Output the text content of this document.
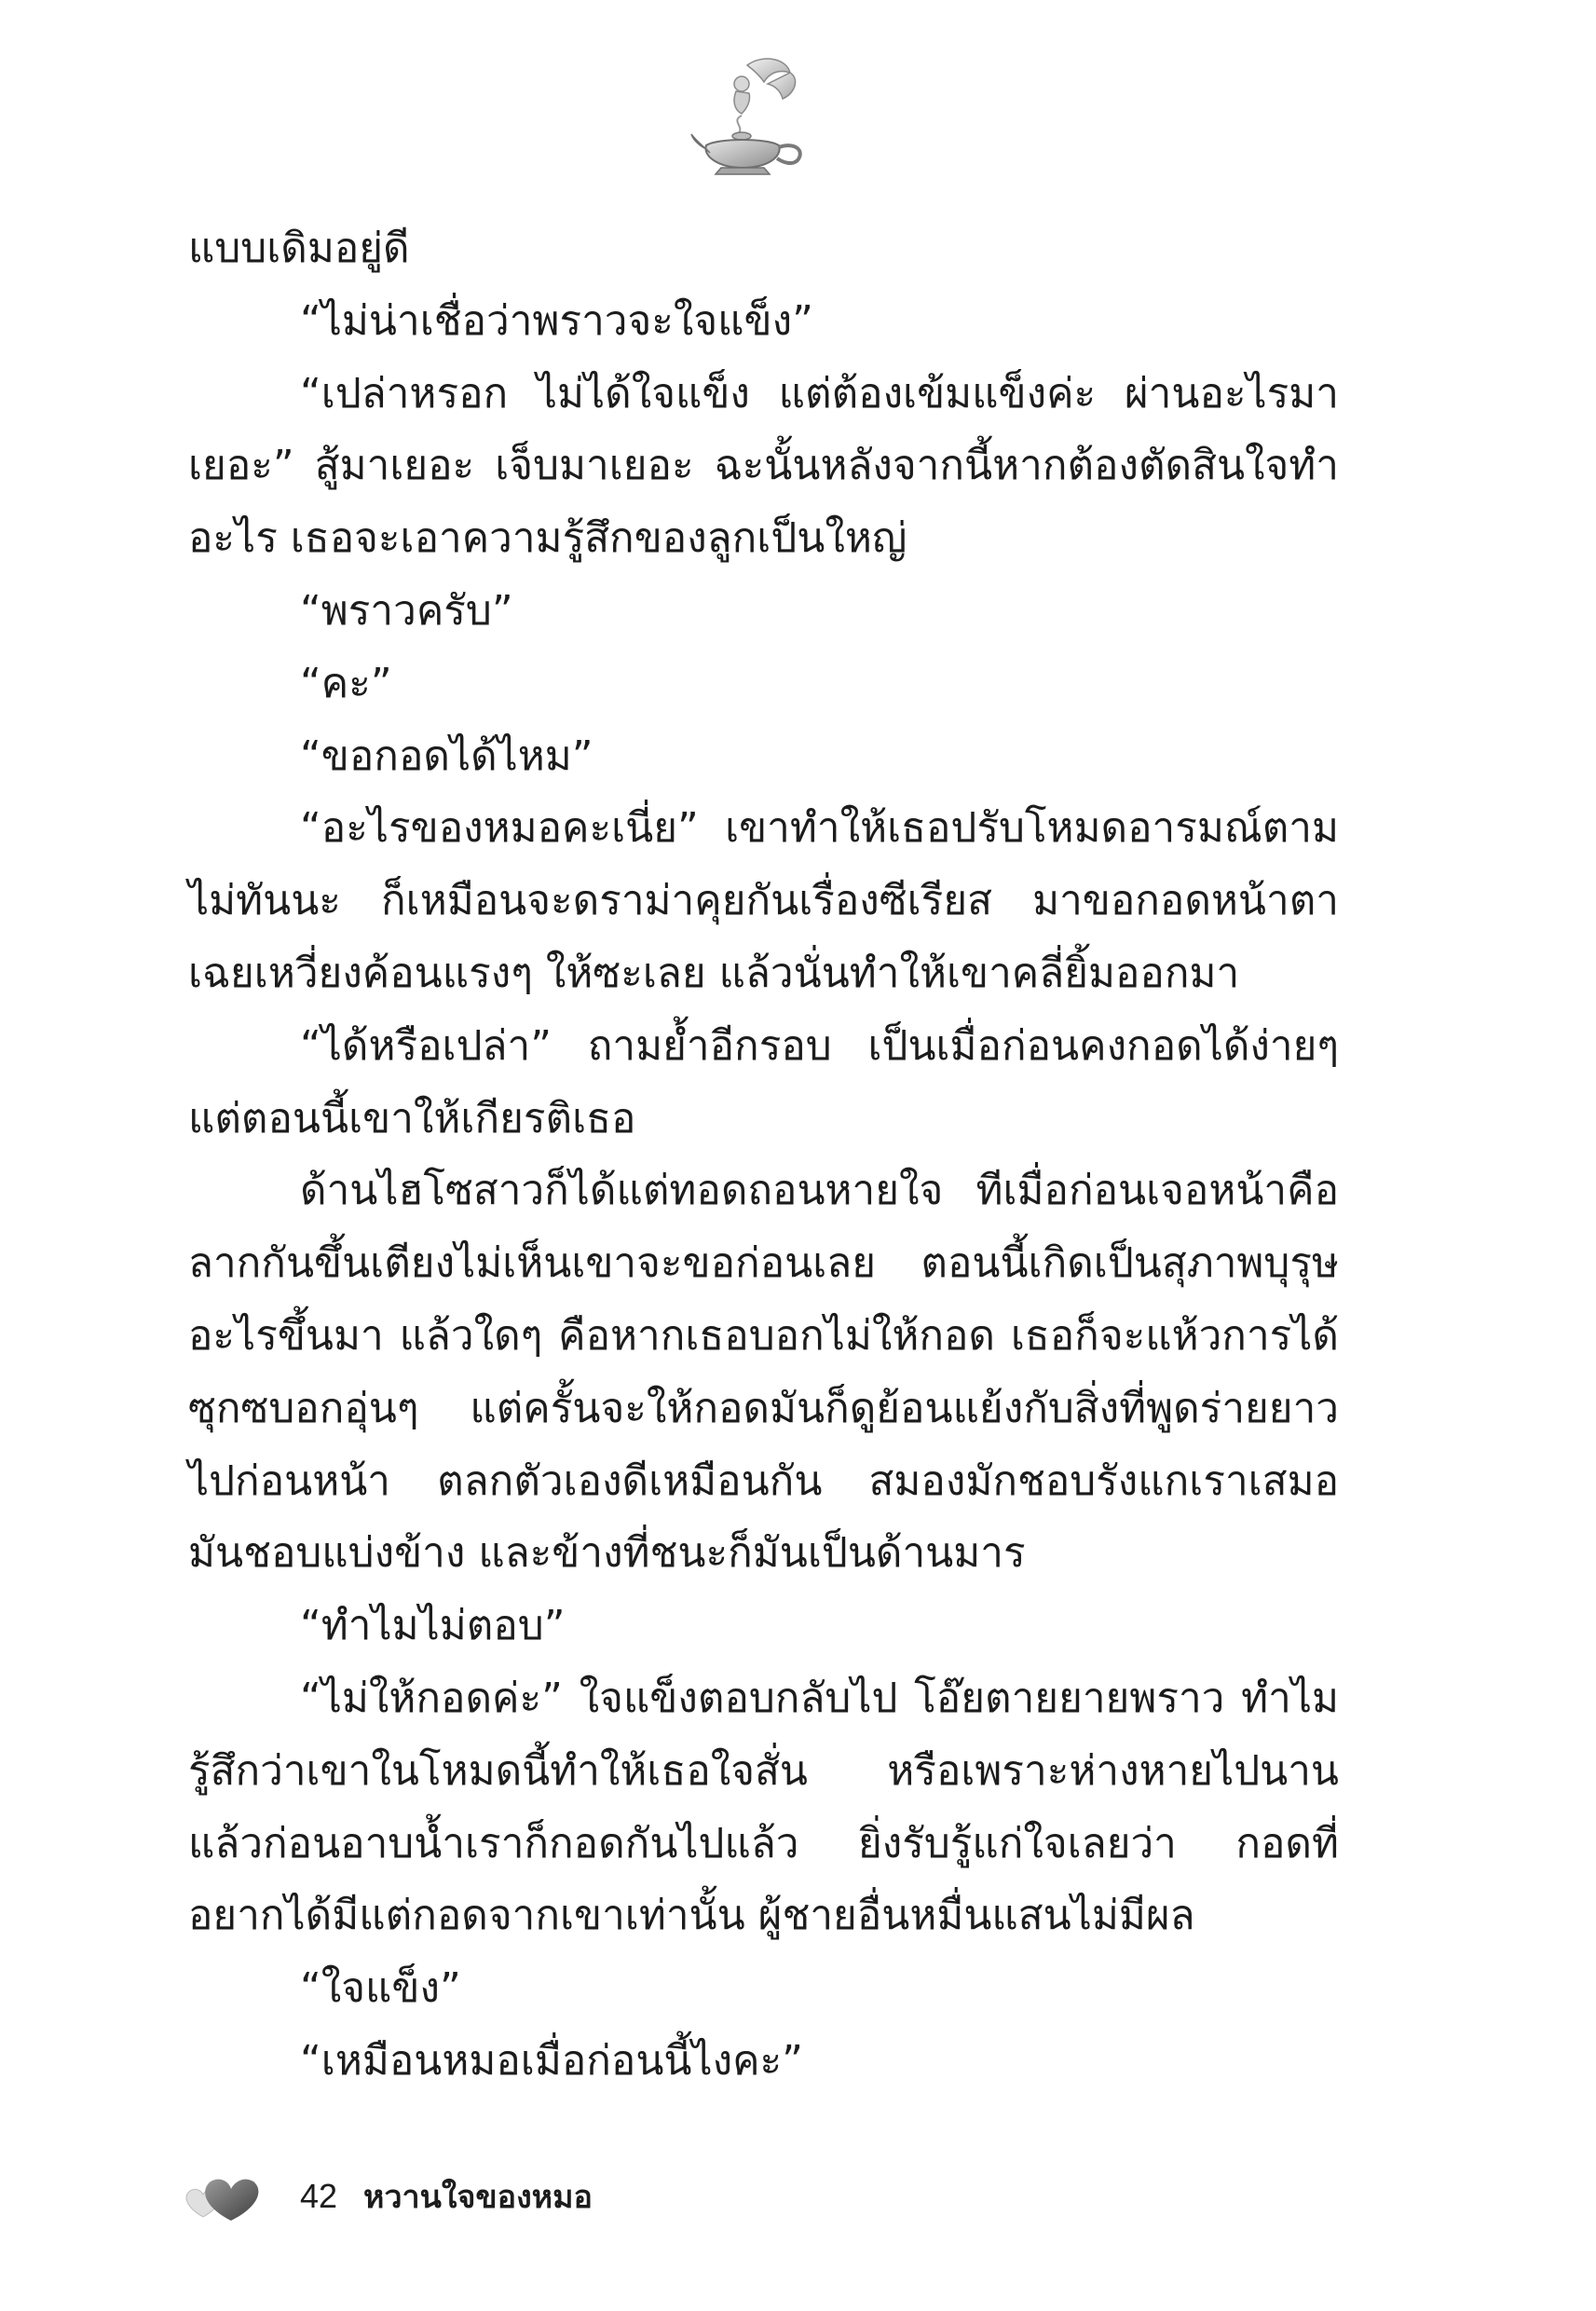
แบบเดิมอยู่ดี

“ไม่น่าเชื่อว่าพราวจะใจแข็ง”

“เปล่าหรอก ไม่ได้ใจแข็ง แต่ต้องเข้มแข็งค่ะ ผ่านอะไรมาเยอะ” สู้มาเยอะ เจ็บมาเยอะ ฉะนั้นหลังจากนี้หากต้องตัดสินใจทำอะไร เธอจะเอาความรู้สึกของลูกเป็นใหญ่

“พราวครับ”

“คะ”

“ขอกอดได้ไหม”

“อะไรของหมอคะเนี่ย” เขาทำให้เธอปรับโหมดอารมณ์ตามไม่ทันนะ ก็เหมือนจะดราม่าคุยกันเรื่องซีเรียส มาขอกอดหน้าตาเฉยเหวี่ยงค้อนแรงๆ ให้ซะเลย แล้วนั่นทำให้เขาคลี่ยิ้มออกมา

“ได้หรือเปล่า” ถามย้ำอีกรอบ เป็นเมื่อก่อนคงกอดได้ง่ายๆ แต่ตอนนี้เขาให้เกียรติเธอ

ด้านไฮโซสาวก็ได้แต่ทอดถอนหายใจ ทีเมื่อก่อนเจอหน้าคือลากกันขึ้นเตียงไม่เห็นเขาจะขอก่อนเลย ตอนนี้เกิดเป็นสุภาพบุรุษอะไรขึ้นมา แล้วใดๆ คือหากเธอบอกไม่ให้กอด เธอก็จะแห้วการได้ซุกซบอกอุ่นๆ แต่ครั้นจะให้กอดมันก็ดูย้อนแย้งกับสิ่งที่พูดร่ายยาวไปก่อนหน้า ตลกตัวเองดีเหมือนกัน สมองมักชอบรังแกเราเสมอ มันชอบแบ่งข้าง และข้างที่ชนะก็มันเป็นด้านมาร

“ทำไมไม่ตอบ”

“ไม่ให้กอดค่ะ” ใจแข็งตอบกลับไป โอ๊ยตายยายพราว ทำไมรู้สึกว่าเขาในโหมดนี้ทำให้เธอใจสั่น หรือเพราะห่างหายไปนาน แล้วก่อนอาบน้ำเราก็กอดกันไปแล้ว ยิ่งรับรู้แก่ใจเลยว่า กอดที่อยากได้มีแต่กอดจากเขาเท่านั้น ผู้ชายอื่นหมื่นแสนไม่มีผล

“ใจแข็ง”

“เหมือนหมอเมื่อก่อนนี้ไงคะ”

42 หวานใจของหมอ
